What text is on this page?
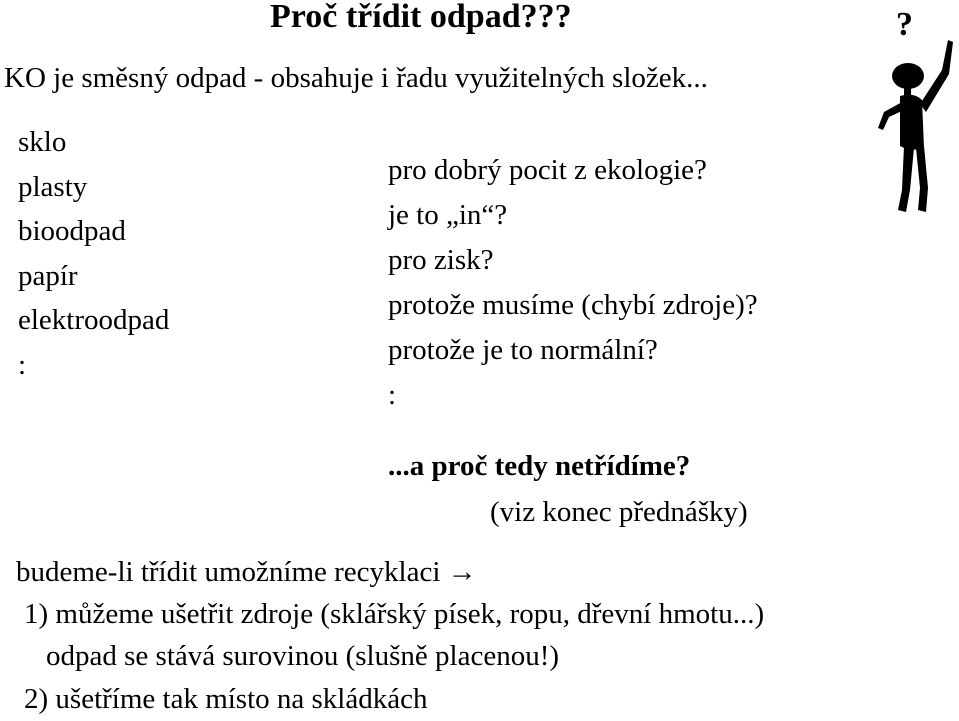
Proč třídit odpad???
KO je směsný odpad - obsahuje i řadu využitelných složek...
sklo
plasty
bioodpad
papír
elektroodpad
:
pro dobrý pocit z ekologie?
je to „in“?
pro zisk?
protože musíme (chybí zdroje)?
protože je to normální?
:
...a proč tedy netřídíme?
(viz konec přednášky)
budeme-li třídit umožníme recyklaci →
1) můžeme ušetřit zdroje (sklářský písek, ropu, dřevní hmotu...)
odpad se stává surovinou (slušně placenou!)
2) ušetříme tak místo na skládkách
?
